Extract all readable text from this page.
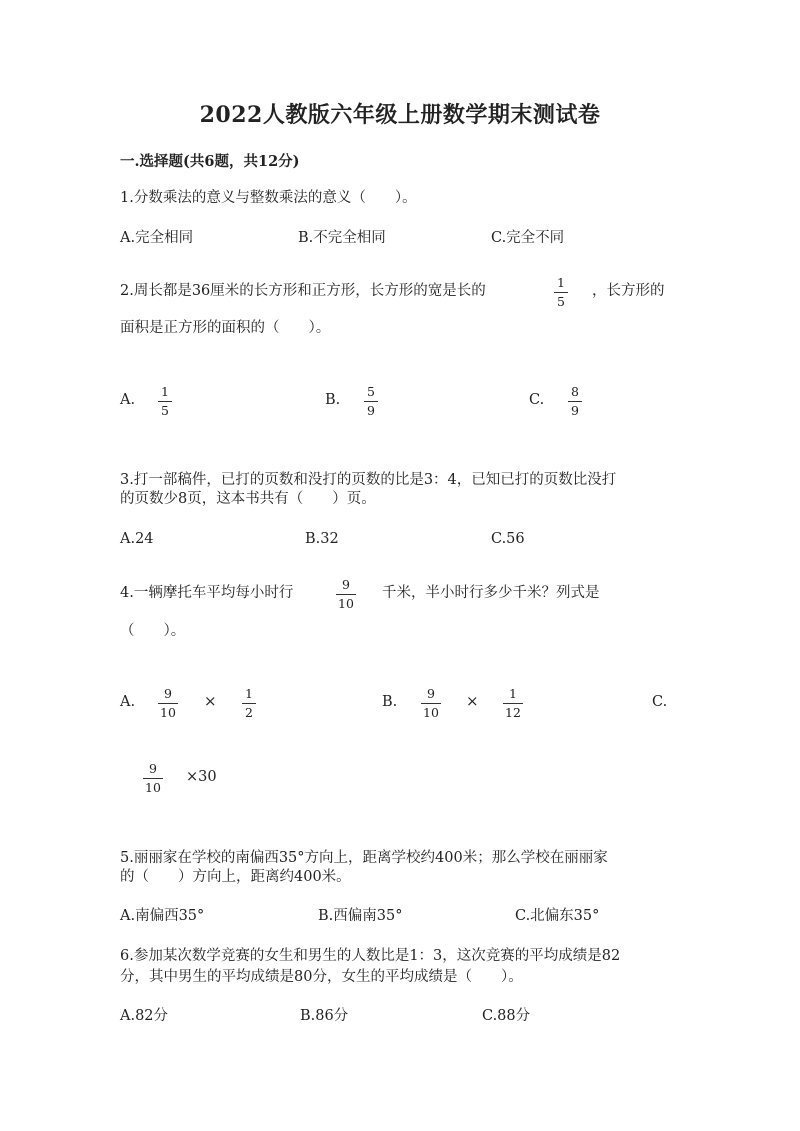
2022人教版六年级上册数学期末测试卷
一.选择题(共6题，共12分)
1.分数乘法的意义与整数乘法的意义（　　）。
A.完全相同	B.不完全相同	C.完全不同
2.周长都是36厘米的长方形和正方形，长方形的宽是长的
1
5
，长方形的
面积是正方形的面积的（　　）。
A.
1
5
B.
5
9
C.
8
9
3.打一部稿件，已打的页数和没打的页数的比是3：4，已知已打的页数比没打
的页数少8页，这本书共有（　　）页。
A.24	B.32	C.56
4.一辆摩托车平均每小时行
9
10
千米，半小时行多少千米？列式是
（　　）。
A.
9
10
× 1
2
B.
9
10
× 1
12
C.
9
10
×30
5.丽丽家在学校的南偏西35°方向上，距离学校约400米；那么学校在丽丽家
的（　　）方向上，距离约400米。
A.南偏西35°	B.西偏南35°	C.北偏东35°
6.参加某次数学竞赛的女生和男生的人数比是1：3，这次竞赛的平均成绩是82
分，其中男生的平均成绩是80分，女生的平均成绩是（　　）。
A.82分	B.86分	C.88分
